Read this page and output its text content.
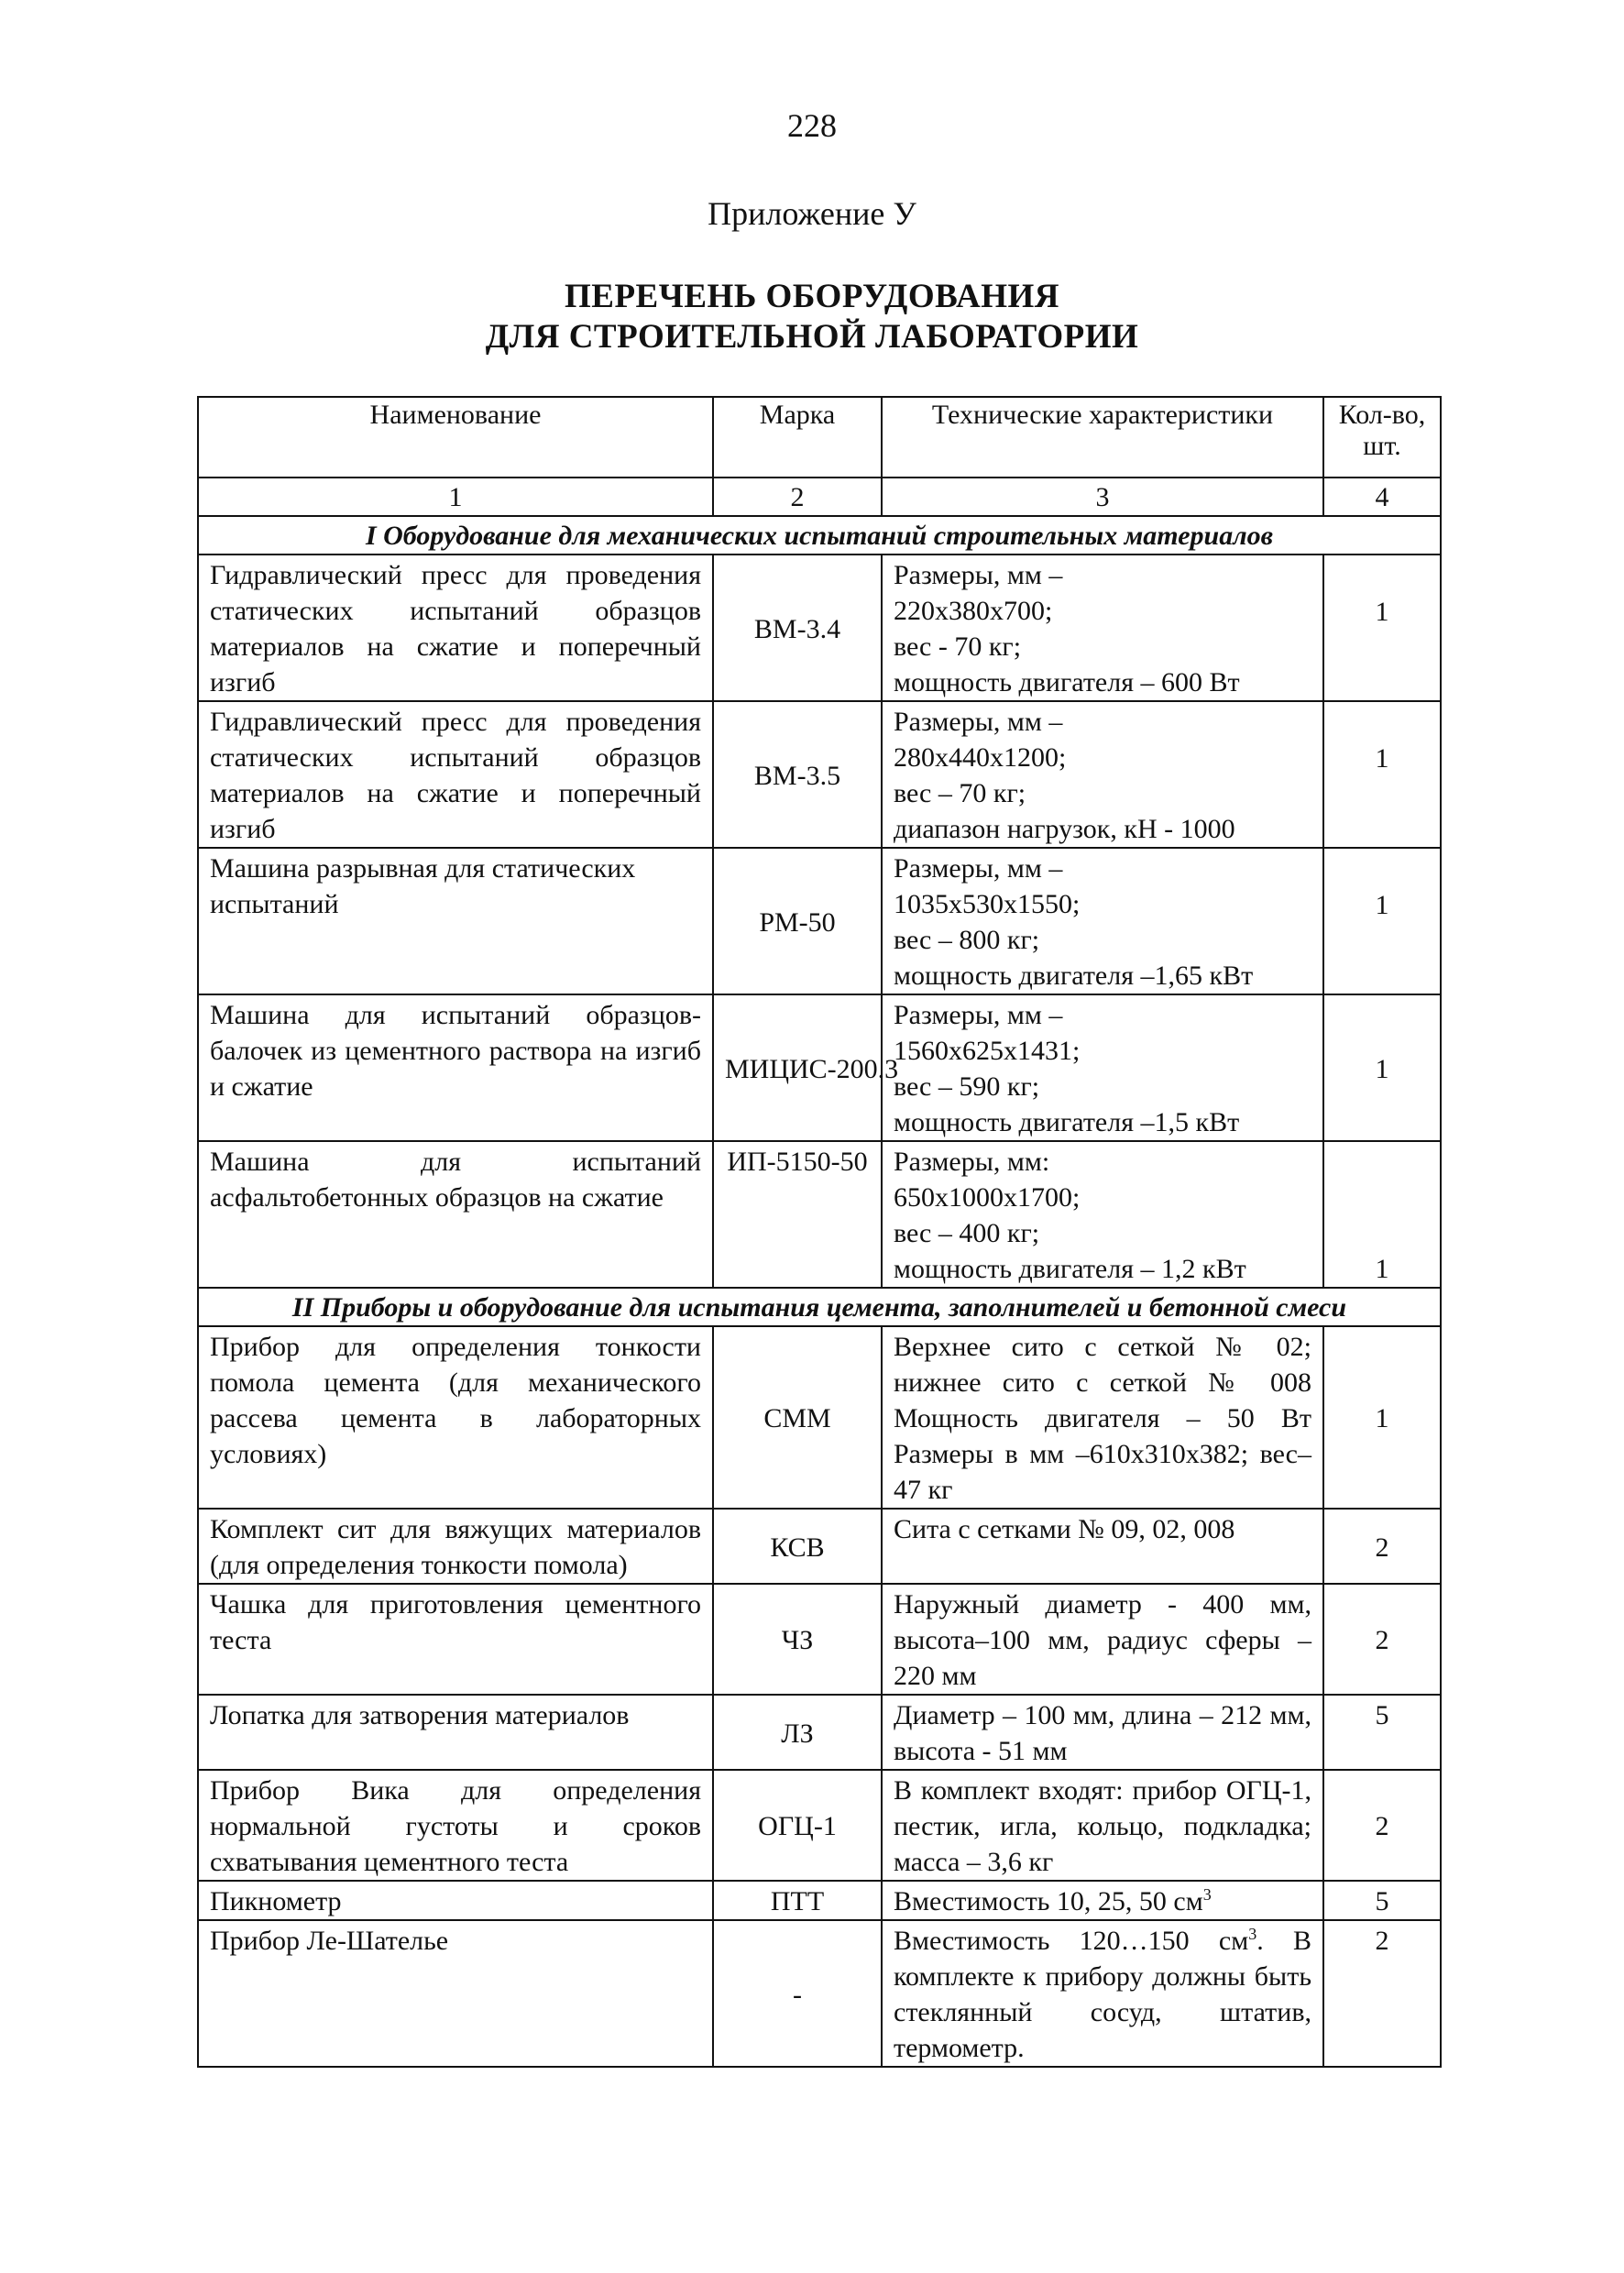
228
Приложение У
ПЕРЕЧЕНЬ ОБОРУДОВАНИЯ
ДЛЯ СТРОИТЕЛЬНОЙ ЛАБОРАТОРИИ
Наименование	Марка	Технические характеристики	Кол-во, шт.
1	2	3	4
I Оборудование для механических испытаний строительных материалов			
Гидравлический пресс для проведения статических испытаний образцов материалов на сжатие и поперечный изгиб	ВМ-3.4	Размеры, мм –
220х380х700;
вес - 70 кг;
мощность двигателя – 600 Вт	1
Гидравлический пресс для проведения статических испытаний образцов материалов на сжатие и поперечный изгиб	ВМ-3.5	Размеры, мм –
280х440х1200;
вес – 70 кг;
диапазон нагрузок, кН - 1000	1
Машина разрывная для статических испытаний	РМ-50	Размеры, мм –
1035х530х1550;
вес – 800 кг;
мощность двигателя –1,65 кВт	1
Машина для испытаний образцов-балочек из цементного раствора на изгиб и сжатие	МИЦИС-200.3	Размеры, мм –
1560х625х1431;
вес – 590 кг;
мощность двигателя –1,5 кВт	1
Машина для испытаний асфальтобетонных образцов на сжатие	ИП-5150-50	Размеры, мм:
650х1000х1700;
вес – 400 кг;
мощность двигателя – 1,2 кВт	1
II Приборы и оборудование для испытания цемента, заполнителей и бетонной смеси			
Прибор для определения тонкости помола цемента (для механического рассева цемента в лабораторных условиях)	СММ	Верхнее сито с сеткой № 02; нижнее сито с сеткой № 008 Мощность двигателя – 50 Вт Размеры в мм –610х310х382; вес– 47 кг	1
Комплект сит для вяжущих материалов (для определения тонкости помола)	КСВ	Сита с сетками № 09, 02, 008	2
Чашка для приготовления цементного теста	ЧЗ	Наружный диаметр - 400 мм, высота–100 мм, радиус сферы – 220 мм	2
Лопатка для затворения материалов	ЛЗ	Диаметр – 100 мм, длина – 212 мм, высота - 51 мм	5
Прибор Вика для определения нормальной густоты и сроков схватывания цементного теста	ОГЦ-1	В комплект входят: прибор ОГЦ-1, пестик, игла, кольцо, подкладка; масса – 3,6 кг	2
Пикнометр	ПТТ	Вместимость 10, 25, 50 $см^3$	5
Прибор Ле-Шателье	-	Вместимость 120…150 $см^3$. В комплекте к прибору должны быть стеклянный сосуд, штатив, термометр.	2
